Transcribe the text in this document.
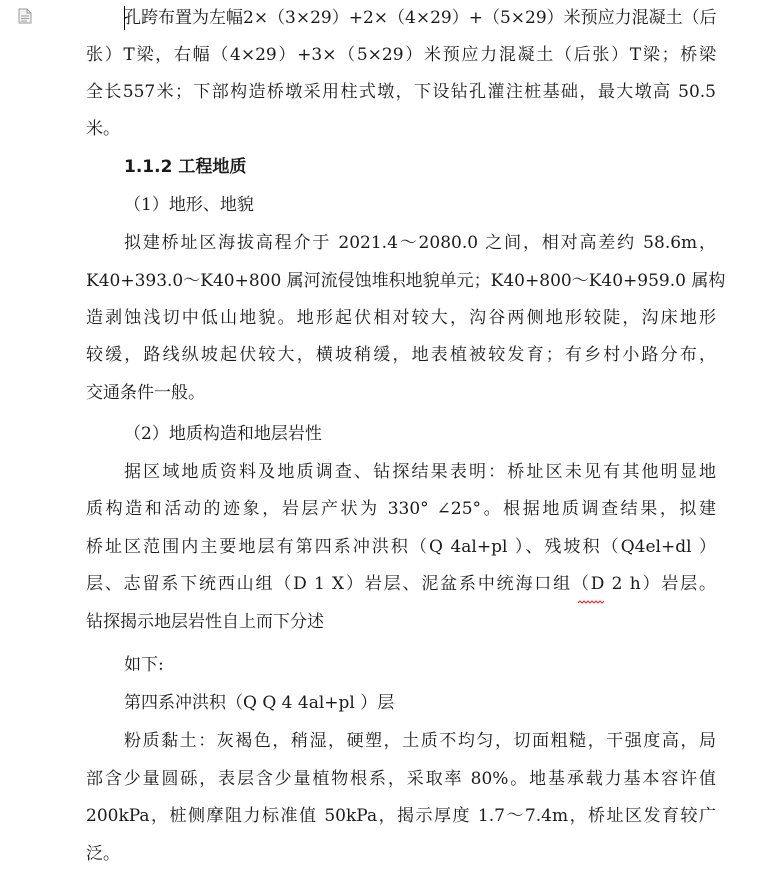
孔跨布置为左幅2×（3×29）+2×（4×29）+（5×29）米预应力混凝土（后
张）T梁，右幅（4×29）+3×（5×29）米预应力混凝土（后张）T梁；桥梁
全长557米；下部构造桥墩采用柱式墩，下设钻孔灌注桩基础，最大墩高 50.5
米。
1.1.2 工程地质
（1）地形、地貌
拟建桥址区海拔高程介于 2021.4～2080.0 之间，相对高差约 58.6m，
K40+393.0～K40+800 属河流侵蚀堆积地貌单元；K40+800～K40+959.0 属构
造剥蚀浅切中低山地貌。地形起伏相对较大，沟谷两侧地形较陡，沟床地形
较缓，路线纵坡起伏较大，横坡稍缓，地表植被较发育；有乡村小路分布，
交通条件一般。
（2）地质构造和地层岩性
据区域地质资料及地质调查、钻探结果表明：桥址区未见有其他明显地
质构造和活动的迹象，岩层产状为 330° ∠25°。根据地质调查结果，拟建
桥址区范围内主要地层有第四系冲洪积（Q 4al+pl ）、残坡积（Q4el+dl ）
层、志留系下统西山组（D 1 X）岩层、泥盆系中统海口组（D 2 h）岩层。
钻探揭示地层岩性自上而下分述
如下:
第四系冲洪积（Q Q 4 4al+pl ）层
粉质黏土：灰褐色，稍湿，硬塑，土质不均匀，切面粗糙，干强度高，局
部含少量圆砾，表层含少量植物根系，采取率 80%。地基承载力基本容许值
200kPa，桩侧摩阻力标准值 50kPa，揭示厚度 1.7～7.4m，桥址区发育较广
泛。
